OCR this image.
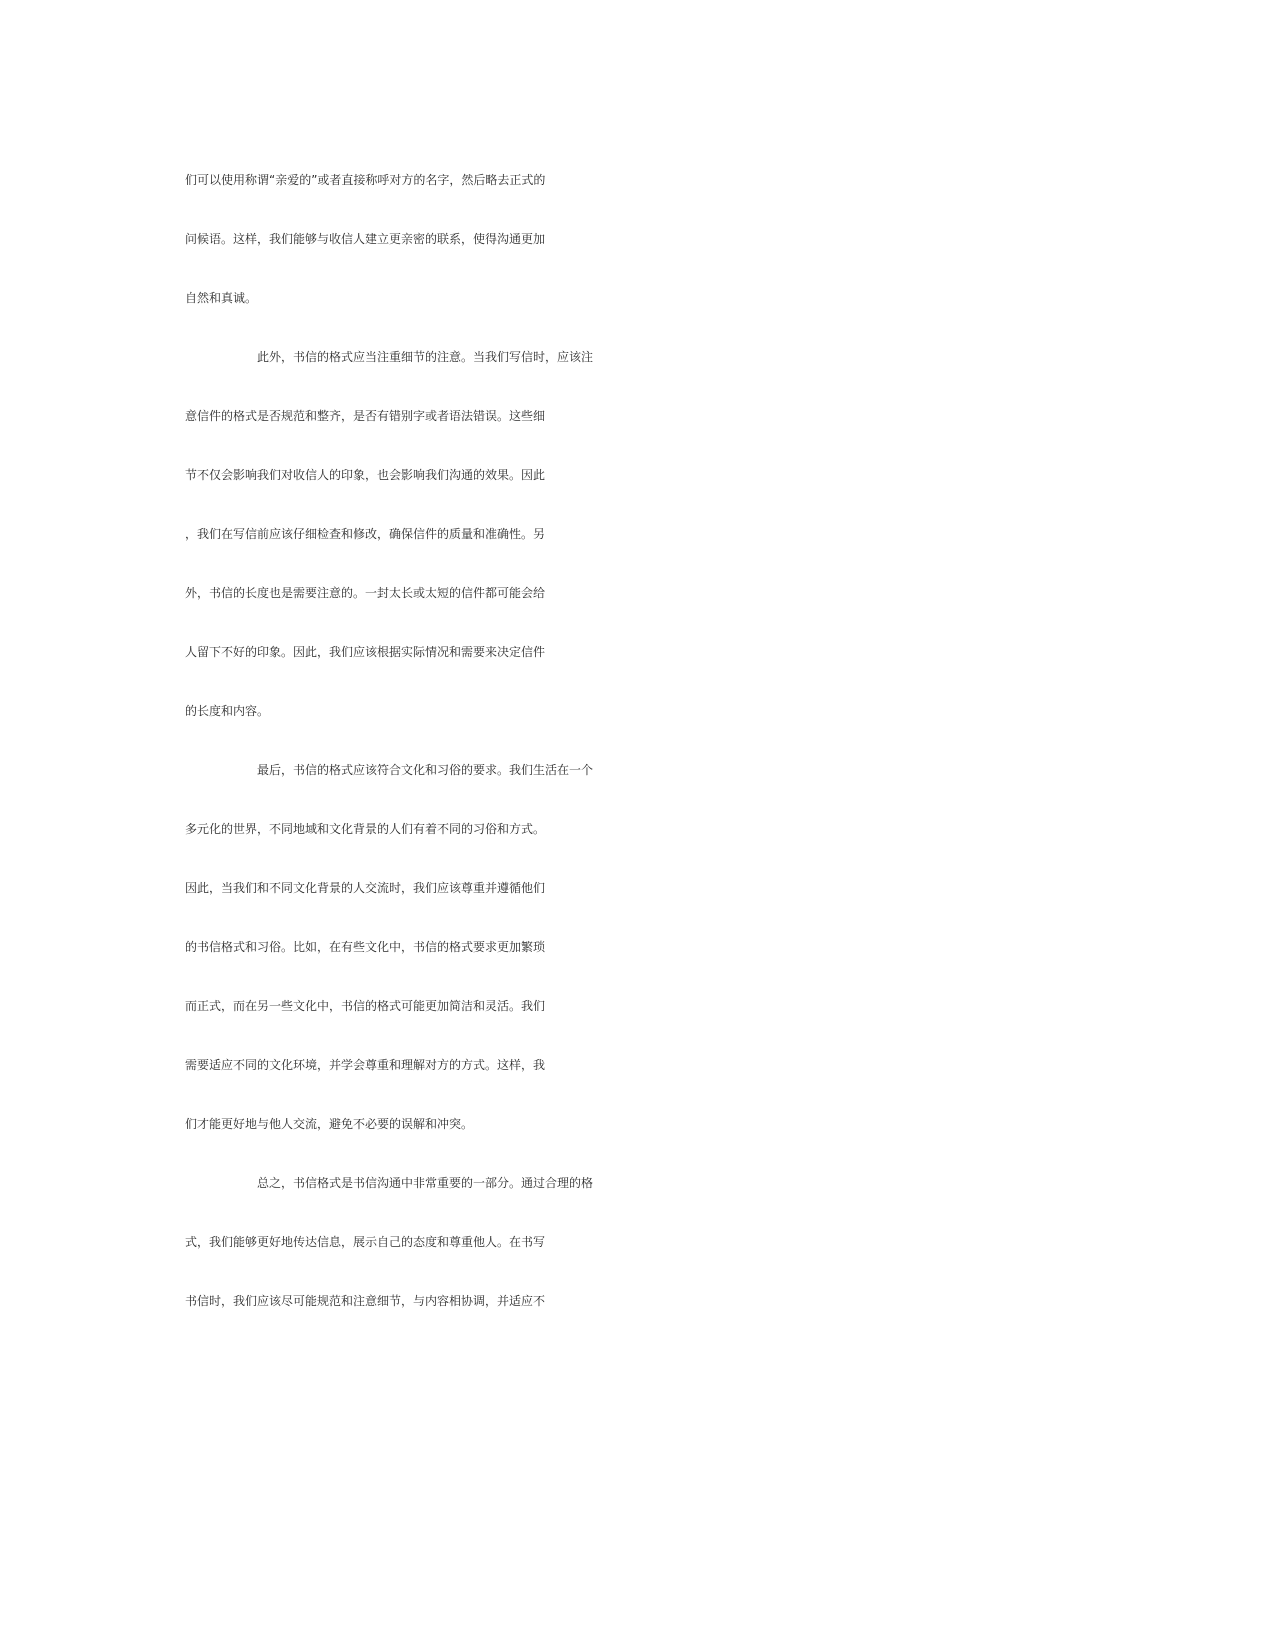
们可以使用称谓“亲爱的”或者直接称呼对方的名字，然后略去正式的
问候语。这样，我们能够与收信人建立更亲密的联系，使得沟通更加
自然和真诚。
此外，书信的格式应当注重细节的注意。当我们写信时，应该注
意信件的格式是否规范和整齐，是否有错别字或者语法错误。这些细
节不仅会影响我们对收信人的印象，也会影响我们沟通的效果。因此
，我们在写信前应该仔细检查和修改，确保信件的质量和准确性。另
外，书信的长度也是需要注意的。一封太长或太短的信件都可能会给
人留下不好的印象。因此，我们应该根据实际情况和需要来决定信件
的长度和内容。
最后，书信的格式应该符合文化和习俗的要求。我们生活在一个
多元化的世界，不同地域和文化背景的人们有着不同的习俗和方式。
因此，当我们和不同文化背景的人交流时，我们应该尊重并遵循他们
的书信格式和习俗。比如，在有些文化中，书信的格式要求更加繁琐
而正式，而在另一些文化中，书信的格式可能更加简洁和灵活。我们
需要适应不同的文化环境，并学会尊重和理解对方的方式。这样，我
们才能更好地与他人交流，避免不必要的误解和冲突。
总之，书信格式是书信沟通中非常重要的一部分。通过合理的格
式，我们能够更好地传达信息，展示自己的态度和尊重他人。在书写
书信时，我们应该尽可能规范和注意细节，与内容相协调，并适应不
